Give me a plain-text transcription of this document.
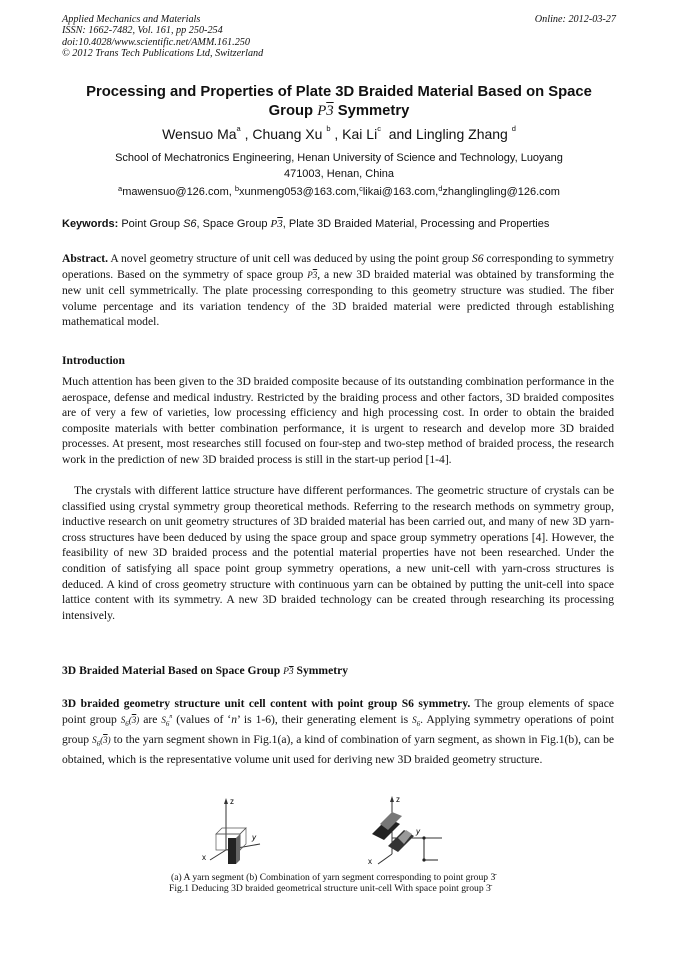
Applied Mechanics and Materials
ISSN: 1662-7482, Vol. 161, pp 250-254
doi:10.4028/www.scientific.net/AMM.161.250
© 2012 Trans Tech Publications Ltd, Switzerland
Online: 2012-03-27
Processing and Properties of Plate 3D Braided Material Based on Space
Group P3 Symmetry
Wensuo Ma$^a$ , Chuang Xu $^b$ , Kai Li$^c$  and Lingling Zhang $^d$
School of Mechatronics Engineering, Henan University of Science and Technology, Luoyang
471003, Henan, China
$^a$mawensuo@126.com, $^b$xunmeng053@163.com,$^c$likai@163.com,$^d$zhanglingling@126.com
Keywords: Point Group S6, Space Group P3, Plate 3D Braided Material, Processing and Properties
Abstract. A novel geometry structure of unit cell was deduced by using the point group S6 corresponding to symmetry operations. Based on the symmetry of space group P3, a new 3D braided material was obtained by transforming the new unit cell symmetrically. The plate processing corresponding to this geometry structure was studied. The fiber volume percentage and its variation tendency of the 3D braided material were predicted through establishing mathematical model.
Introduction

Much attention has been given to the 3D braided composite because of its outstanding combination performance in the aerospace, defense and medical industry. Restricted by the braiding process and other factors, 3D braided composites are of very a few of varieties, low processing efficiency and high processing cost. In order to obtain the braided composite materials with better combination performance, it is urgent to research and develop more 3D braided processes. At present, most researches still focused on four-step and two-step method of braided process, the research work in the prediction of new 3D braided process is still in the start-up period [1-4].

The crystals with different lattice structure have different performances. The geometric structure of crystals can be classified using crystal symmetry group theoretical methods. Referring to the research methods on symmetry group, inductive research on unit geometry structures of 3D braided material has been carried out, and many of new 3D yarn-cross structures have been deduced by using the space group and space group symmetry operations [4]. However, the feasibility of new 3D braided process and the potential material properties have not been researched. Under the condition of satisfying all space point group symmetry operations, a new unit-cell with yarn-cross structures is deduced. A kind of cross geometry structure with continuous yarn can be obtained by putting the unit-cell into space lattice content with its symmetry. A new 3D braided technology can be created through researching its processing intensively.

3D Braided Material Based on Space Group P3 Symmetry

3D braided geometry structure unit cell content with point group S6 symmetry. The group elements of space point group $S_6(3)$ are $S_6^n$ (values of ‘n’ is 1-6), their generating element is $S_6$. Applying symmetry operations of point group $S_6(3)$ to the yarn segment shown in Fig.1(a), a kind of combination of yarn segment, as shown in Fig.1(b), can be obtained, which is the representative volume unit used for deriving new 3D braided geometry structure.

z
y
x
z
y
x
(a) A yarn segment (b) Combination of yarn segment corresponding to point group 3̄
Fig.1 Deducing 3D braided geometrical structure unit-cell With space point group 3̄
